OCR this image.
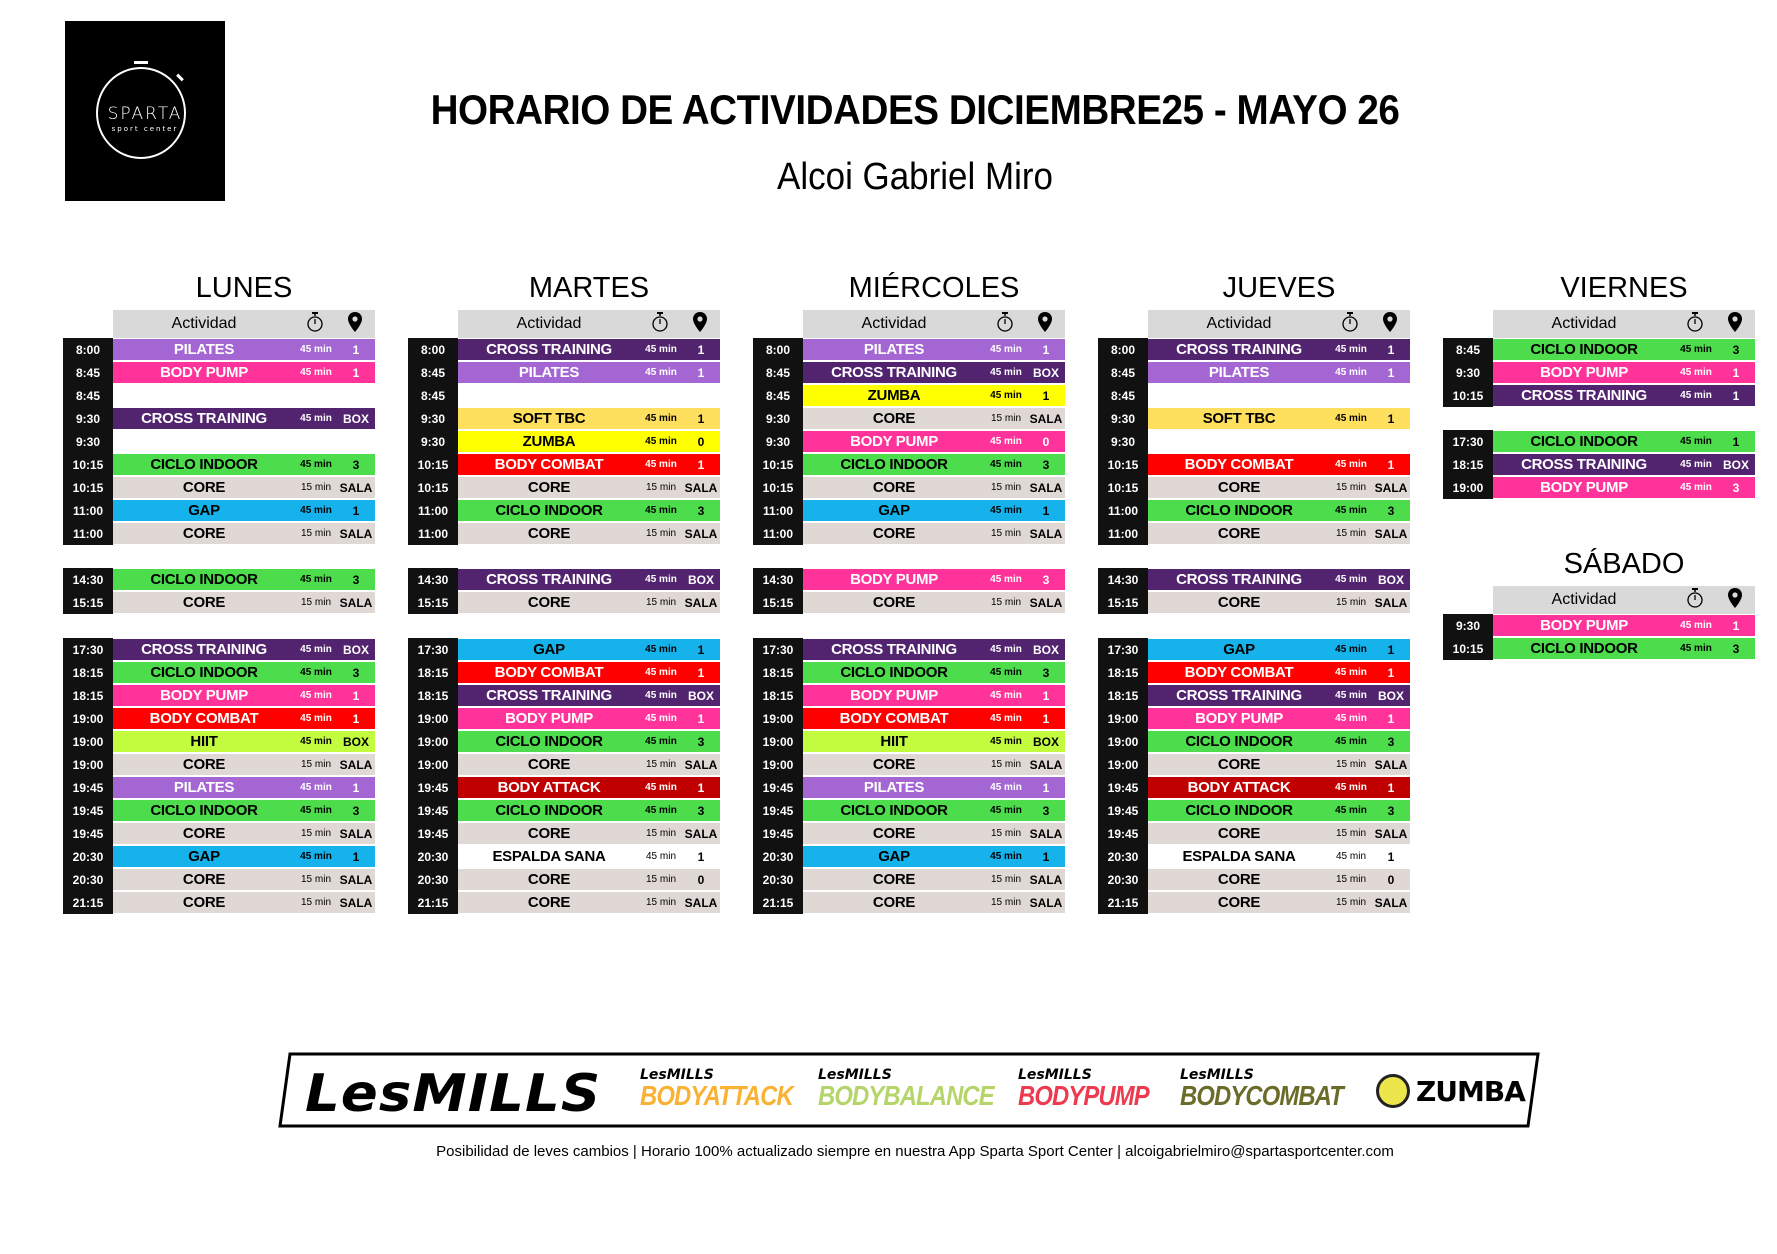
SPARTA
sport center	HORARIO DE ACTIVIDADES DICIEMBRE25 - MAYO 26
Alcoi Gabriel Miro
LUNES
Actividad
8:00	PILATES	45 min	1
8:45	BODY PUMP	45 min	1
8:45
9:30	CROSS TRAINING	45 min BOX
9:30
10:15	CICLO INDOOR	45 min	3
10:15	CORE	15 min SALA
11:00	GAP	45 min	1
11:00	CORE	15 min SALA
14:30	CICLO INDOOR	45 min	3
15:15	CORE	15 min SALA
17:30	CROSS TRAINING	45 min BOX
18:15	CICLO INDOOR	45 min	3
18:15	BODY PUMP	45 min	1
19:00	BODY COMBAT	45 min	1
19:00	HIIT	45 min BOX
19:00	CORE	15 min SALA
19:45	PILATES	45 min	1
19:45	CICLO INDOOR	45 min	3
19:45	CORE	15 min SALA
20:30	GAP	45 min	1
20:30	CORE	15 min SALA
21:15	CORE	15 min SALA
MARTES
Actividad
8:00	CROSS TRAINING	45 min	1
8:45	PILATES	45 min	1
8:45
9:30	SOFT TBC	45 min	1
9:30	ZUMBA	45 min	0
10:15	BODY COMBAT	45 min	1
10:15	CORE	15 min SALA
11:00	CICLO INDOOR	45 min	3
11:00	CORE	15 min SALA
14:30	CROSS TRAINING	45 min BOX
15:15	CORE	15 min SALA
17:30	GAP	45 min	1
18:15	BODY COMBAT	45 min	1
18:15	CROSS TRAINING	45 min BOX
19:00	BODY PUMP	45 min	1
19:00	CICLO INDOOR	45 min	3
19:00	CORE	15 min SALA
19:45	BODY ATTACK	45 min	1
19:45	CICLO INDOOR	45 min	3
19:45	CORE	15 min SALA
20:30	ESPALDA SANA	45 min	1
20:30	CORE	15 min	0
21:15	CORE	15 min SALA
MIÉRCOLES
Actividad
8:00	PILATES	45 min	1
8:45	CROSS TRAINING	45 min BOX
8:45	ZUMBA	45 min	1
9:30	CORE	15 min SALA
9:30	BODY PUMP	45 min	0
10:15	CICLO INDOOR	45 min	3
10:15	CORE	15 min SALA
11:00	GAP	45 min	1
11:00	CORE	15 min SALA
14:30	BODY PUMP	45 min	3
15:15	CORE	15 min SALA
17:30	CROSS TRAINING	45 min BOX
18:15	CICLO INDOOR	45 min	3
18:15	BODY PUMP	45 min	1
19:00	BODY COMBAT	45 min	1
19:00	HIIT	45 min BOX
19:00	CORE	15 min SALA
19:45	PILATES	45 min	1
19:45	CICLO INDOOR	45 min	3
19:45	CORE	15 min SALA
20:30	GAP	45 min	1
20:30	CORE	15 min SALA
21:15	CORE	15 min SALA
JUEVES
Actividad
8:00	CROSS TRAINING	45 min	1
8:45	PILATES	45 min	1
8:45
9:30	SOFT TBC	45 min	1
9:30
10:15	BODY COMBAT	45 min	1
10:15	CORE	15 min SALA
11:00	CICLO INDOOR	45 min	3
11:00	CORE	15 min SALA
14:30	CROSS TRAINING	45 min BOX
15:15	CORE	15 min SALA
17:30	GAP	45 min	1
18:15	BODY COMBAT	45 min	1
18:15	CROSS TRAINING	45 min BOX
19:00	BODY PUMP	45 min	1
19:00	CICLO INDOOR	45 min	3
19:00	CORE	15 min SALA
19:45	BODY ATTACK	45 min	1
19:45	CICLO INDOOR	45 min	3
19:45	CORE	15 min SALA
20:30	ESPALDA SANA	45 min	1
20:30	CORE	15 min	0
21:15	CORE	15 min SALA
VIERNES
Actividad
8:45	CICLO INDOOR	45 min	3
9:30	BODY PUMP	45 min	1
10:15	CROSS TRAINING	45 min	1
17:30	CICLO INDOOR	45 min	1
18:15	CROSS TRAINING	45 min BOX
19:00	BODY PUMP	45 min	3
SÁBADO
Actividad
9:30	BODY PUMP	45 min	1
10:15	CICLO INDOOR	45 min	3
LesMILLS	LesMILLS
BODYATTACK
LesMILLS
BODYBALANCE
LesMILLS
BODYPUMP
LesMILLS
BODYCOMBAT	ZUMBA
Posibilidad de leves cambios | Horario 100% actualizado siempre en nuestra App Sparta Sport Center | alcoigabrielmiro@spartasportcenter.com
